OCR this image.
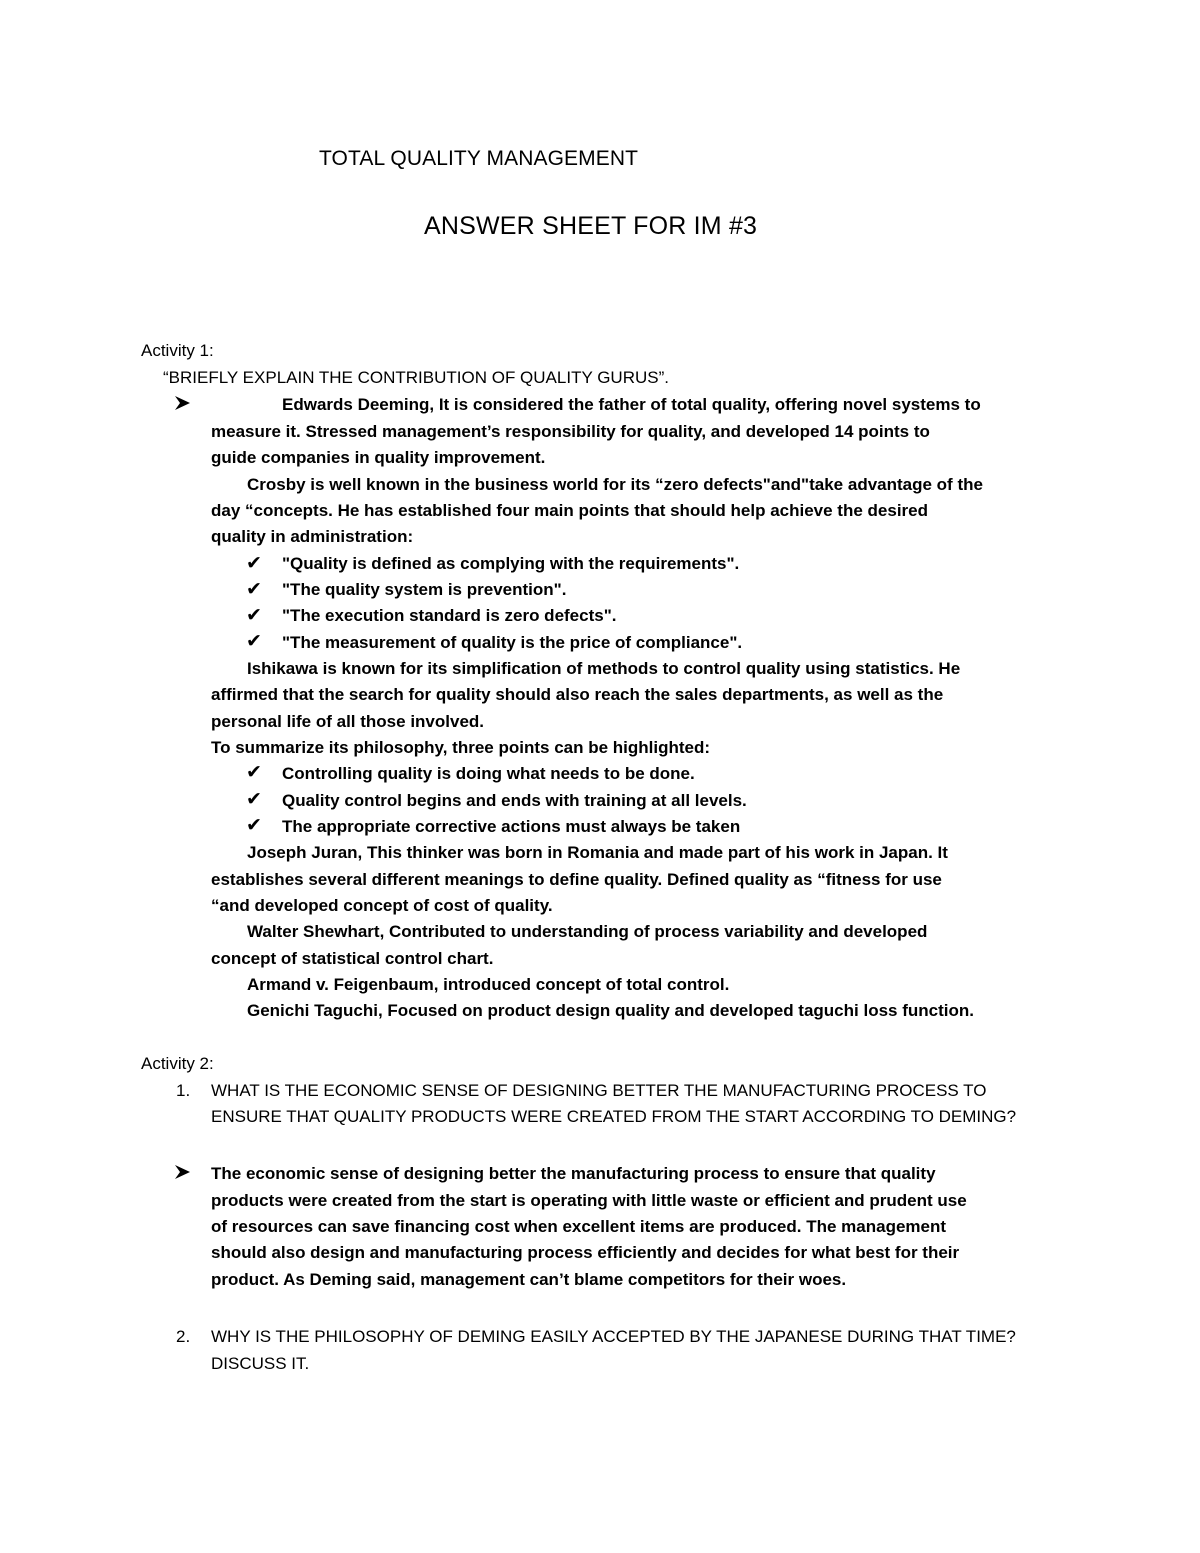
TOTAL QUALITY MANAGEMENT
ANSWER SHEET FOR IM #3
Activity 1:
“BRIEFLY EXPLAIN THE CONTRIBUTION OF QUALITY GURUS”.
Edwards Deeming, It is considered the father of total quality, offering novel systems to
measure it. Stressed management’s responsibility for quality, and developed 14 points to
guide companies in quality improvement.
Crosby is well known in the business world for its “zero defects"and"take advantage of the
day “concepts. He has established four main points that should help achieve the desired
quality in administration:
✔ "Quality is defined as complying with the requirements".
✔ "The quality system is prevention".
✔ "The execution standard is zero defects".
✔ "The measurement of quality is the price of compliance".
Ishikawa is known for its simplification of methods to control quality using statistics. He
affirmed that the search for quality should also reach the sales departments, as well as the
personal life of all those involved.
To summarize its philosophy, three points can be highlighted:
✔ Controlling quality is doing what needs to be done.
✔ Quality control begins and ends with training at all levels.
✔ The appropriate corrective actions must always be taken
Joseph Juran, This thinker was born in Romania and made part of his work in Japan. It
establishes several different meanings to define quality. Defined quality as “fitness for use
“and developed concept of cost of quality.
Walter Shewhart, Contributed to understanding of process variability and developed
concept of statistical control chart.
Armand v. Feigenbaum, introduced concept of total control.
Genichi Taguchi, Focused on product design quality and developed taguchi loss function.
Activity 2:
1. WHAT IS THE ECONOMIC SENSE OF DESIGNING BETTER THE MANUFACTURING PROCESS TO
ENSURE THAT QUALITY PRODUCTS WERE CREATED FROM THE START ACCORDING TO DEMING?
The economic sense of designing better the manufacturing process to ensure that quality
products were created from the start is operating with little waste or efficient and prudent use
of resources can save financing cost when excellent items are produced. The management
should also design and manufacturing process efficiently and decides for what best for their
product. As Deming said, management can’t blame competitors for their woes.
2. WHY IS THE PHILOSOPHY OF DEMING EASILY ACCEPTED BY THE JAPANESE DURING THAT TIME?
DISCUSS IT.
